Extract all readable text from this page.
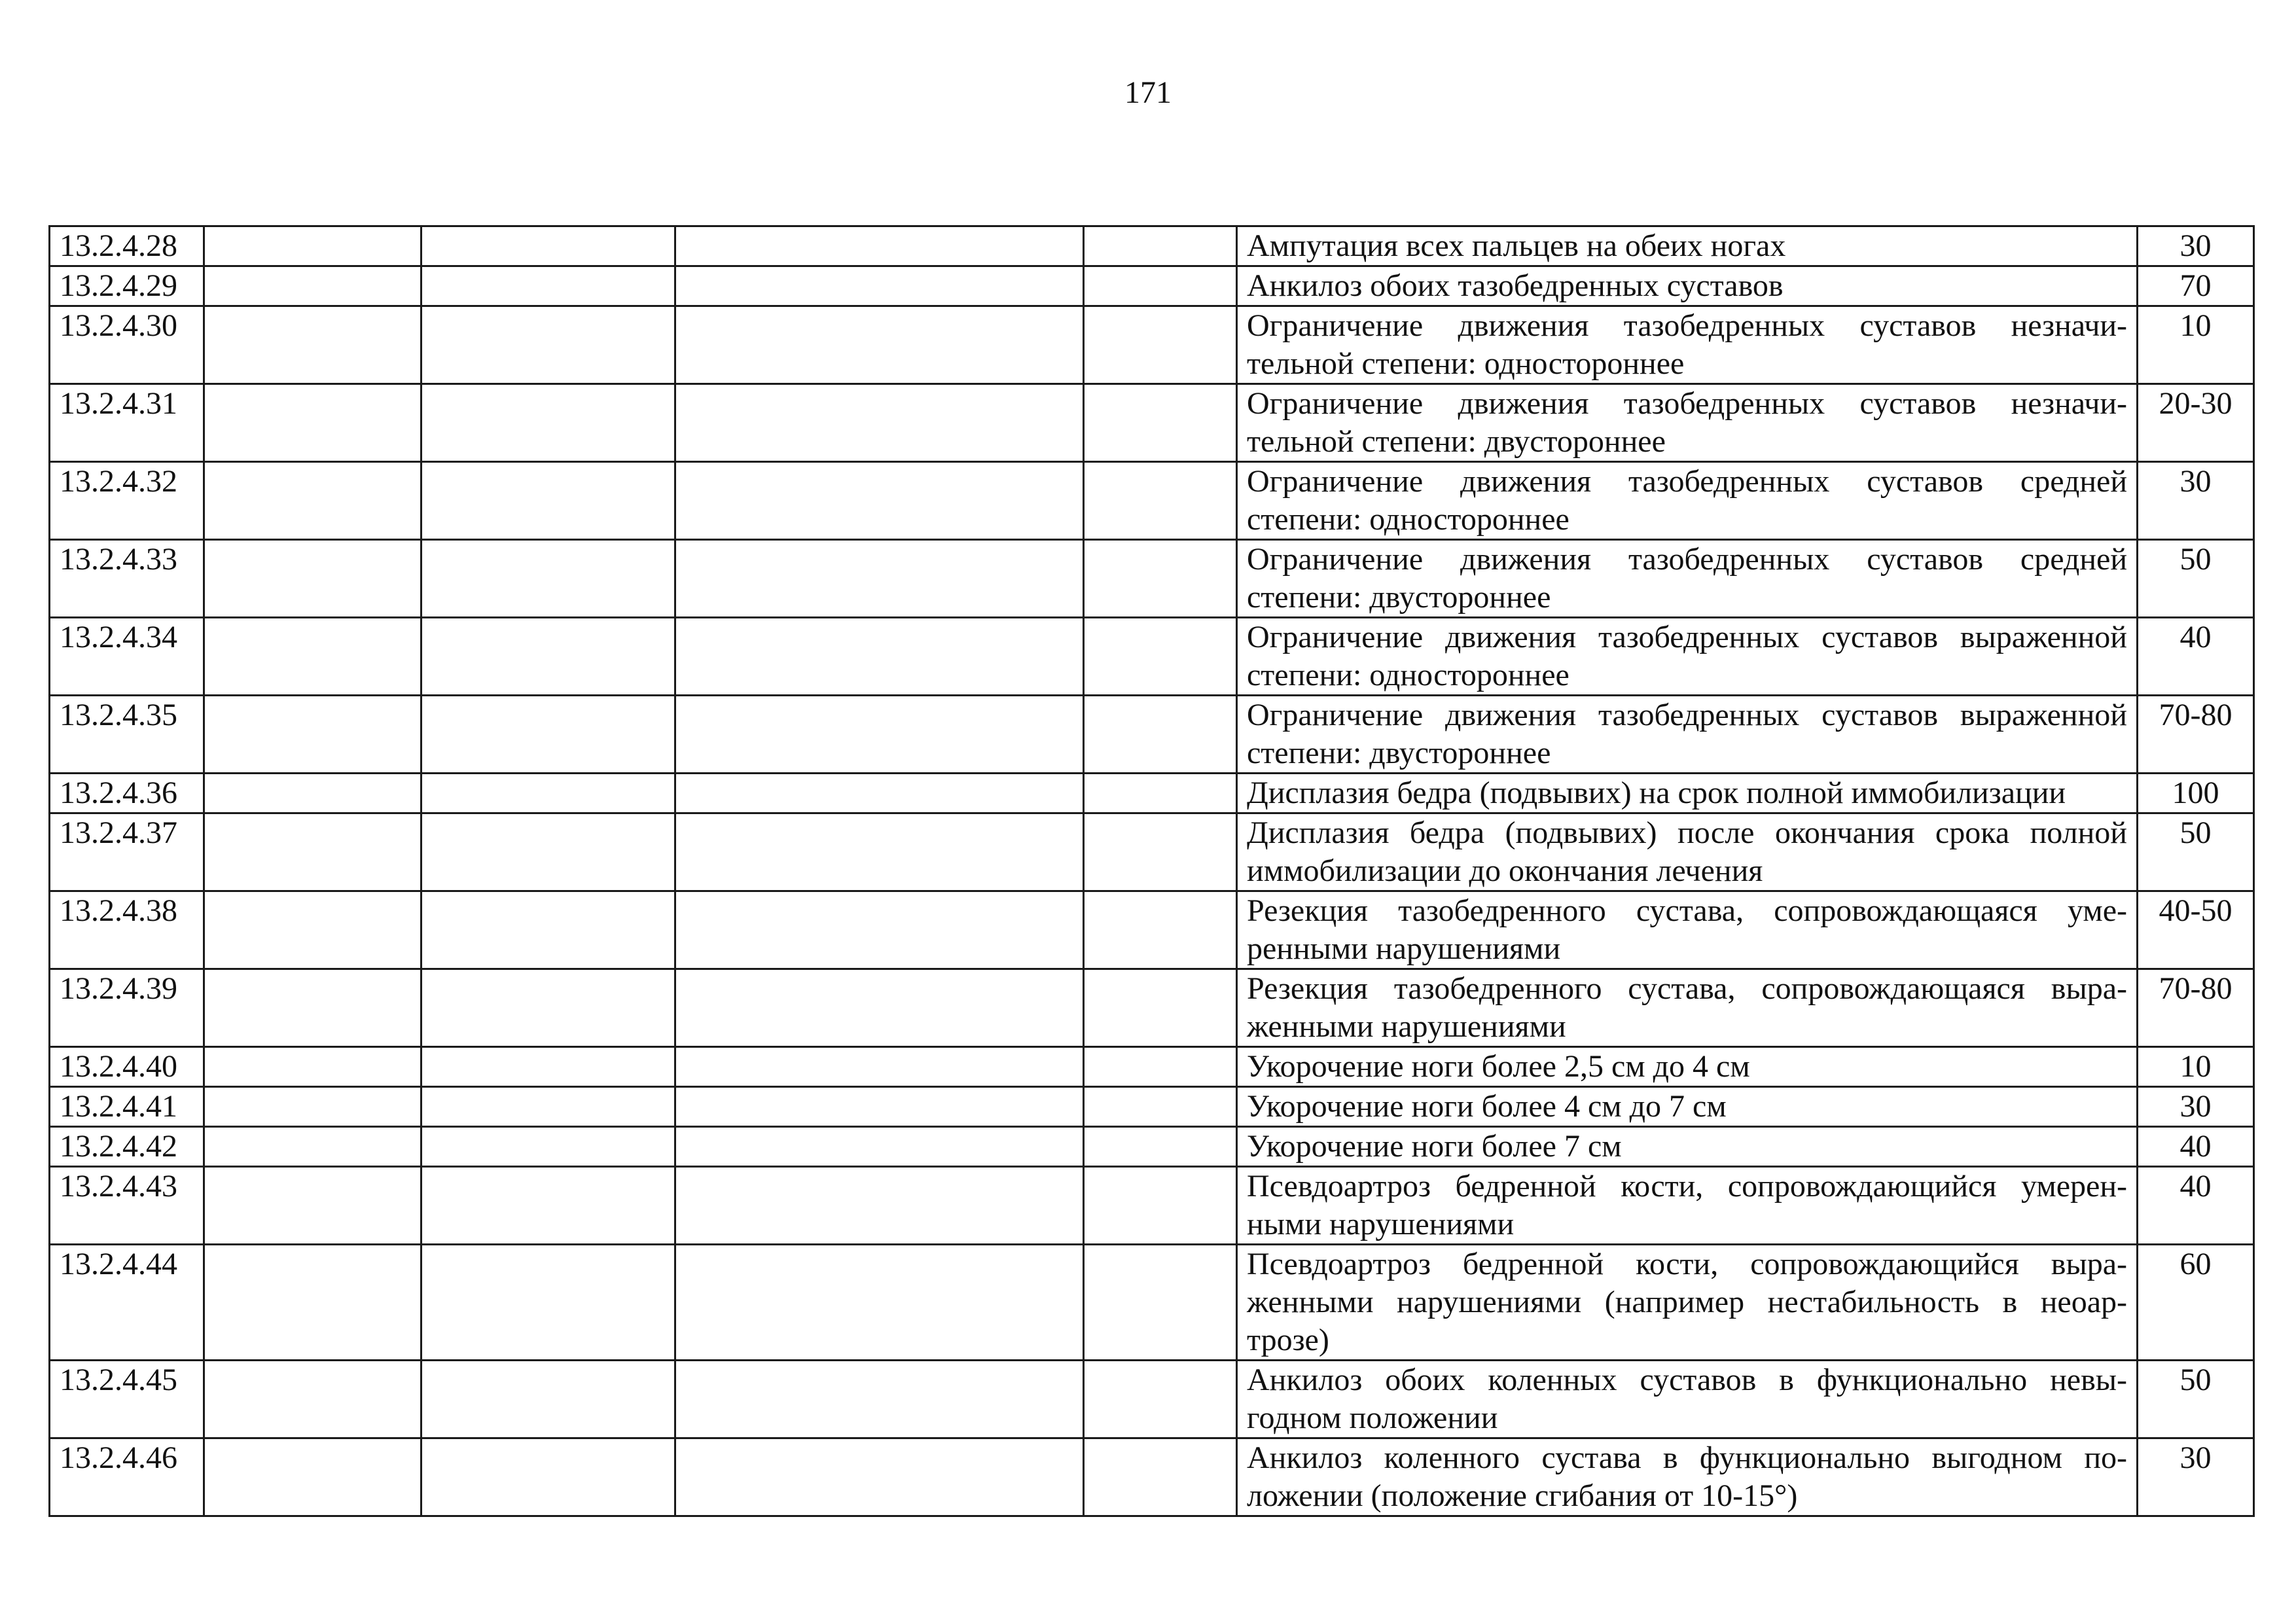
171
13.2.4.28					Ампутация всех пальцев на обеих ногах	30
13.2.4.29					Анкилоз обоих тазобедренных суставов	70
13.2.4.30					Ограничение движения тазобедренных суставов незначи-
тельной степени: одностороннее	10
13.2.4.31					Ограничение движения тазобедренных суставов незначи-
тельной степени: двустороннее	20-30
13.2.4.32					Ограничение движения тазобедренных суставов средней
степени: одностороннее	30
13.2.4.33					Ограничение движения тазобедренных суставов средней
степени: двустороннее	50
13.2.4.34					Ограничение движения тазобедренных суставов выраженной
степени: одностороннее	40
13.2.4.35					Ограничение движения тазобедренных суставов выраженной
степени: двустороннее	70-80
13.2.4.36					Дисплазия бедра (подвывих) на срок полной иммобилизации	100
13.2.4.37					Дисплазия бедра (подвывих) после окончания срока полной
иммобилизации до окончания лечения	50
13.2.4.38					Резекция тазобедренного сустава, сопровождающаяся уме-
ренными нарушениями	40-50
13.2.4.39					Резекция тазобедренного сустава, сопровождающаяся выра-
женными нарушениями	70-80
13.2.4.40					Укорочение ноги более 2,5 см до 4 см	10
13.2.4.41					Укорочение ноги более 4 см до 7 см	30
13.2.4.42					Укорочение ноги более 7 см	40
13.2.4.43					Псевдоартроз бедренной кости, сопровождающийся умерен-
ными нарушениями	40
13.2.4.44					Псевдоартроз бедренной кости, сопровождающийся выра-
женными нарушениями (например нестабильность в неоар-
трозе)	60
13.2.4.45					Анкилоз обоих коленных суставов в функционально невы-
годном положении	50
13.2.4.46					Анкилоз коленного сустава в функционально выгодном по-
ложении (положение сгибания от 10-15°)	30
